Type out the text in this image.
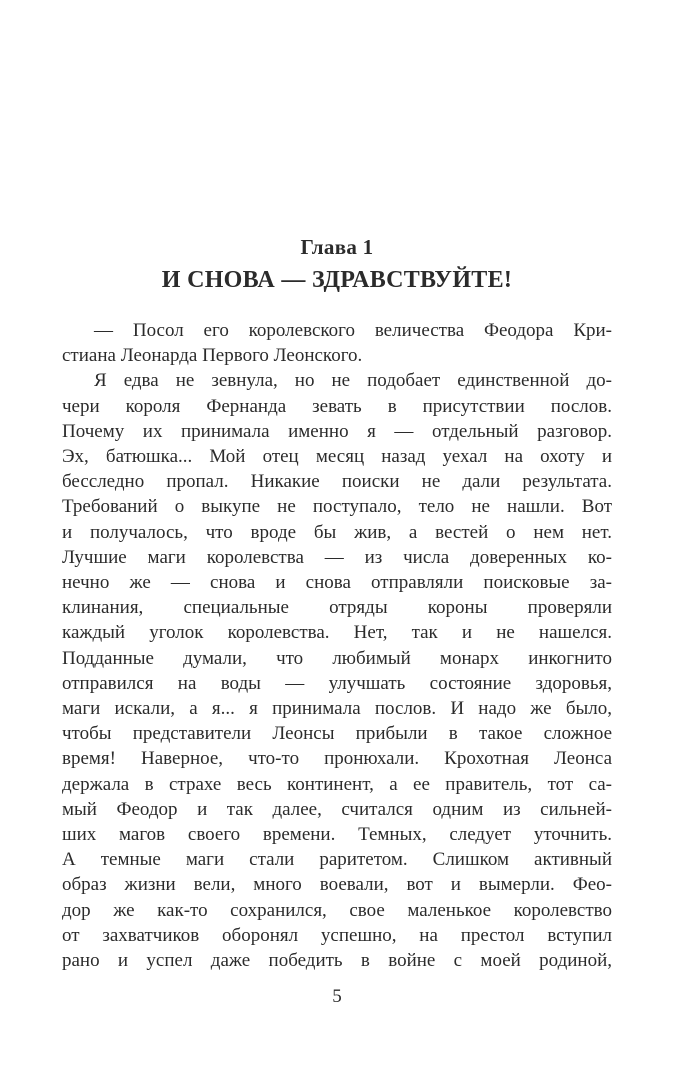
Глава 1
И СНОВА — ЗДРАВСТВУЙТЕ!
— Посол его королевского величества Феодора Кри-
стиана Леонарда Первого Леонского.
Я едва не зевнула, но не подобает единственной до-
чери короля Фернанда зевать в присутствии послов.
Почему их принимала именно я — отдельный разговор.
Эх, батюшка... Мой отец месяц назад уехал на охоту и
бесследно пропал. Никакие поиски не дали результата.
Требований о выкупе не поступало, тело не нашли. Вот
и получалось, что вроде бы жив, а вестей о нем нет.
Лучшие маги королевства — из числа доверенных ко-
нечно же — снова и снова отправляли поисковые за-
клинания, специальные отряды короны проверяли
каждый уголок королевства. Нет, так и не нашелся.
Подданные думали, что любимый монарх инкогнито
отправился на воды — улучшать состояние здоровья,
маги искали, а я... я принимала послов. И надо же было,
чтобы представители Леонсы прибыли в такое сложное
время! Наверное, что-то пронюхали. Крохотная Леонса
держала в страхе весь континент, а ее правитель, тот са-
мый Феодор и так далее, считался одним из сильней-
ших магов своего времени. Темных, следует уточнить.
А темные маги стали раритетом. Слишком активный
образ жизни вели, много воевали, вот и вымерли. Фео-
дор же как-то сохранился, свое маленькое королевство
от захватчиков оборонял успешно, на престол вступил
рано и успел даже победить в войне с моей родиной,
5
